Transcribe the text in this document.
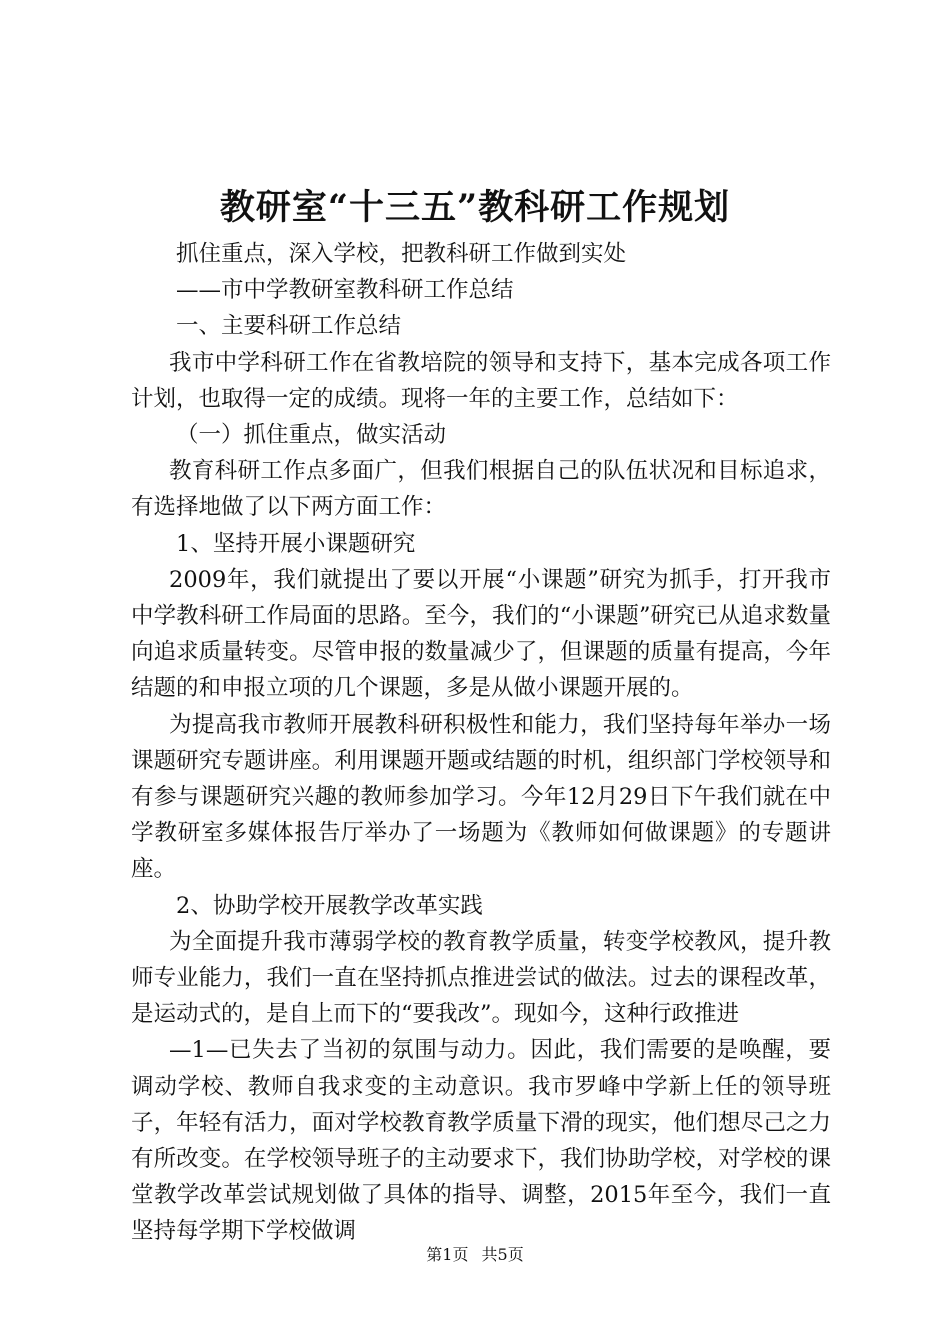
教研室“十三五”教科研工作规划

抓住重点，深入学校，把教科研工作做到实处

——市中学教研室教科研工作总结

一、主要科研工作总结

我市中学科研工作在省教培院的领导和支持下，基本完成各项工作计划，也取得一定的成绩。现将一年的主要工作，总结如下：

（一）抓住重点，做实活动

教育科研工作点多面广，但我们根据自己的队伍状况和目标追求，有选择地做了以下两方面工作：

1、坚持开展小课题研究

2009年，我们就提出了要以开展“小课题”研究为抓手，打开我市中学教科研工作局面的思路。至今，我们的“小课题”研究已从追求数量向追求质量转变。尽管申报的数量减少了，但课题的质量有提高，今年结题的和申报立项的几个课题，多是从做小课题开展的。

为提高我市教师开展教科研积极性和能力，我们坚持每年举办一场课题研究专题讲座。利用课题开题或结题的时机，组织部门学校领导和有参与课题研究兴趣的教师参加学习。今年12月29日下午我们就在中学教研室多媒体报告厅举办了一场题为《教师如何做课题》的专题讲座。

2、协助学校开展教学改革实践

为全面提升我市薄弱学校的教育教学质量，转变学校教风，提升教师专业能力，我们一直在坚持抓点推进尝试的做法。过去的课程改革，是运动式的，是自上而下的“要我改”。现如今，这种行政推进

—1—已失去了当初的氛围与动力。因此，我们需要的是唤醒，要调动学校、教师自我求变的主动意识。我市罗峰中学新上任的领导班子，年轻有活力，面对学校教育教学质量下滑的现实，他们想尽己之力有所改变。在学校领导班子的主动要求下，我们协助学校，对学校的课堂教学改革尝试规划做了具体的指导、调整，2015年至今，我们一直坚持每学期下学校做调

第1页 共5页
